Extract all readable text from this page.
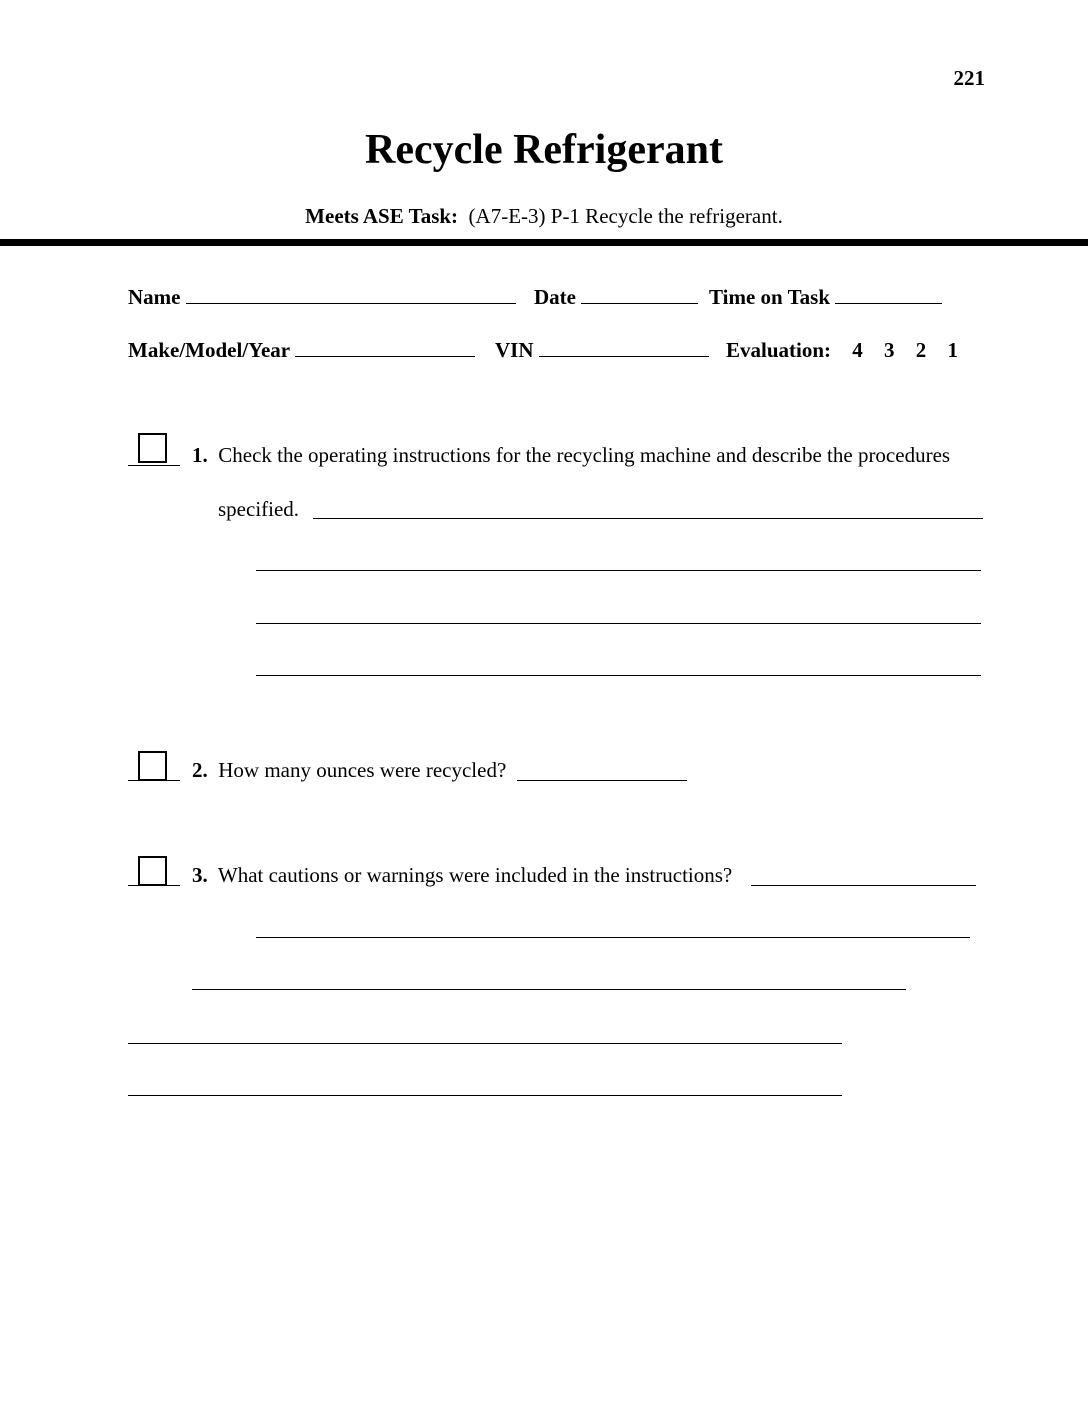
221
Recycle Refrigerant
Meets ASE Task: (A7-E-3) P-1 Recycle the refrigerant.
Name	Date	Time on Task
Make/Model/Year	VIN	Evaluation: 4 3 2 1
1. Check the operating instructions for the recycling machine and describe the procedures
specified.
2. How many ounces were recycled?
3. What cautions or warnings were included in the instructions?
